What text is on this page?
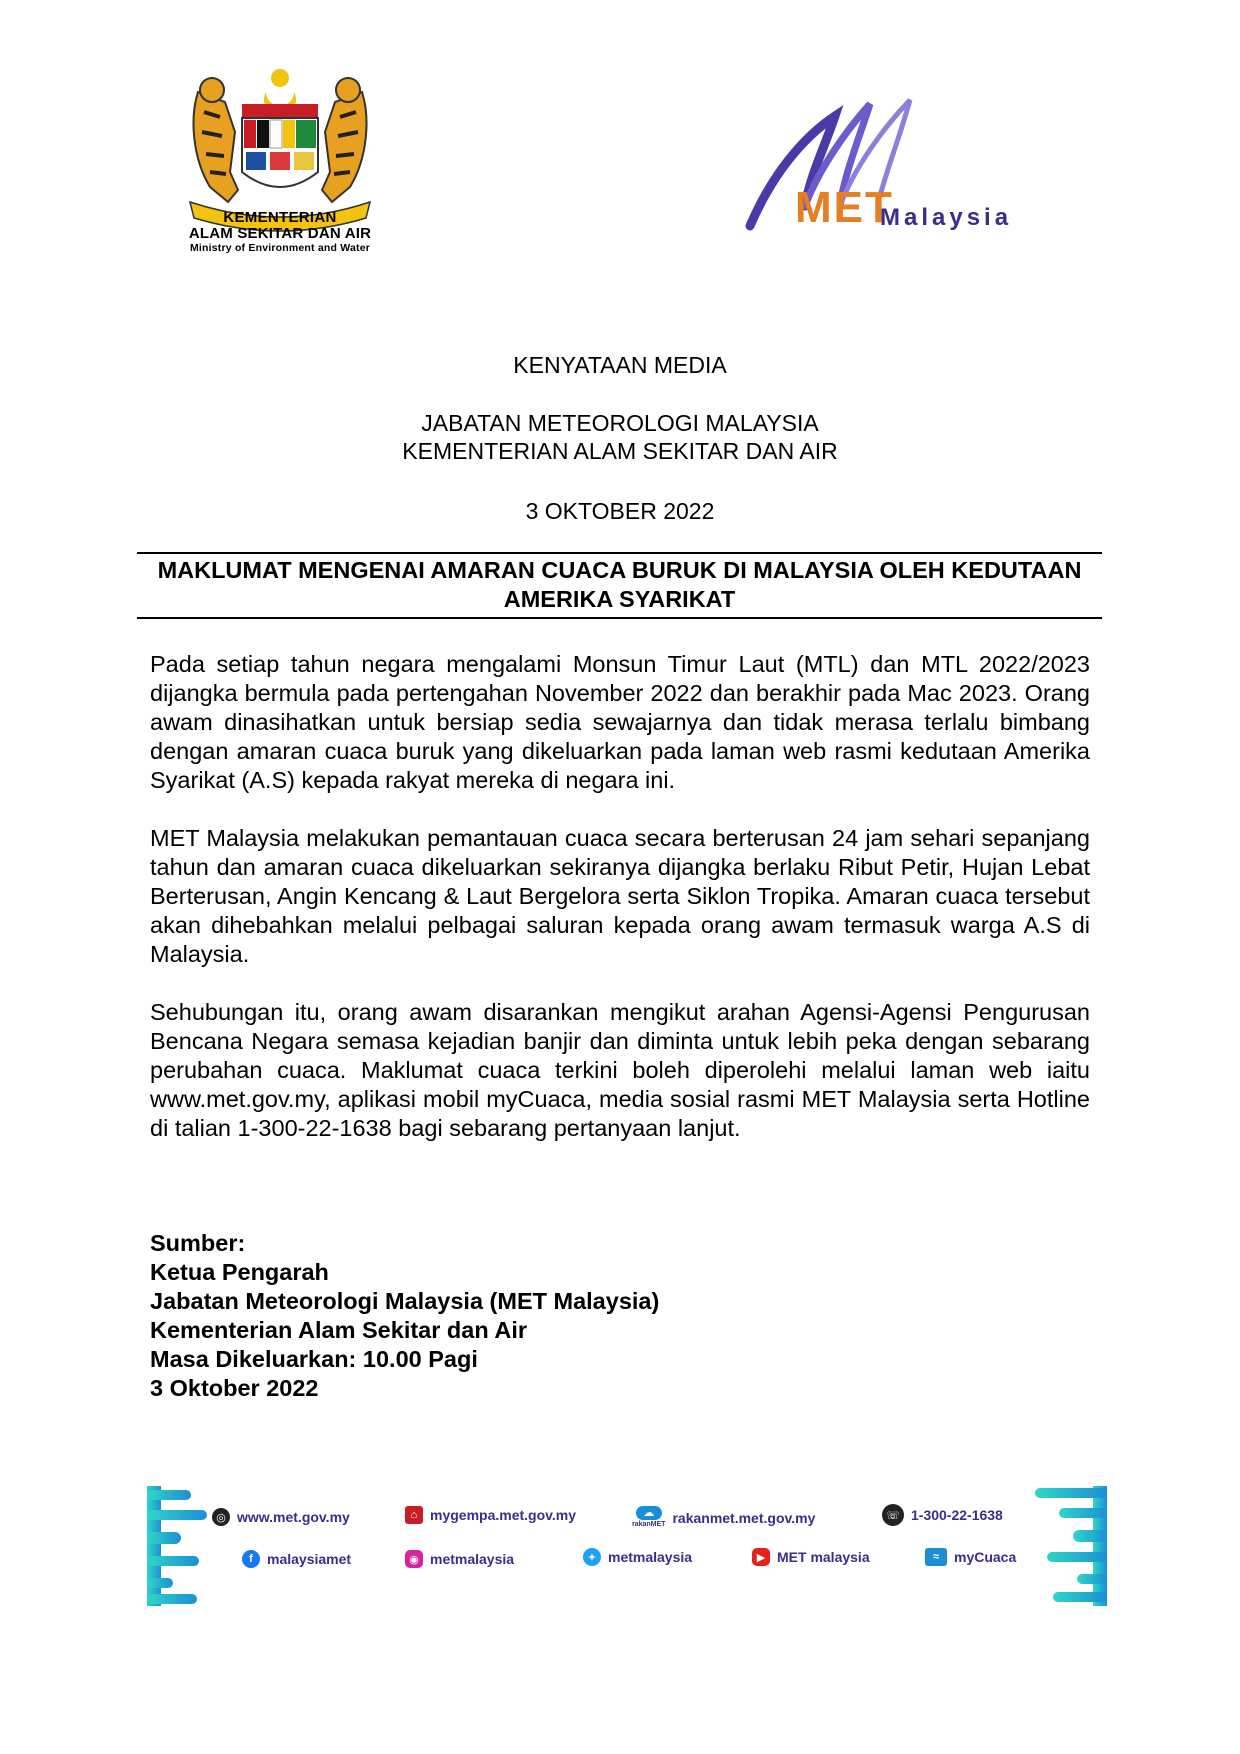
KEMENTERIAN
ALAM SEKITAR DAN AIR
Ministry of Environment and Water
MET
Malaysia
KENYATAAN MEDIA
JABATAN METEOROLOGI MALAYSIA
KEMENTERIAN ALAM SEKITAR DAN AIR
3 OKTOBER 2022
MAKLUMAT MENGENAI AMARAN CUACA BURUK DI MALAYSIA OLEH KEDUTAAN AMERIKA SYARIKAT

Pada setiap tahun negara mengalami Monsun Timur Laut (MTL) dan MTL 2022/2023 dijangka bermula pada pertengahan November 2022 dan berakhir pada Mac 2023. Orang awam dinasihatkan untuk bersiap sedia sewajarnya dan tidak merasa terlalu bimbang dengan amaran cuaca buruk yang dikeluarkan pada laman web rasmi kedutaan Amerika Syarikat (A.S) kepada rakyat mereka di negara ini.

MET Malaysia melakukan pemantauan cuaca secara berterusan 24 jam sehari sepanjang tahun dan amaran cuaca dikeluarkan sekiranya dijangka berlaku Ribut Petir, Hujan Lebat Berterusan, Angin Kencang & Laut Bergelora serta Siklon Tropika. Amaran cuaca tersebut akan dihebahkan melalui pelbagai saluran kepada orang awam termasuk warga A.S di Malaysia.

Sehubungan itu, orang awam disarankan mengikut arahan Agensi-Agensi Pengurusan Bencana Negara semasa kejadian banjir dan diminta untuk lebih peka dengan sebarang perubahan cuaca. Maklumat cuaca terkini boleh diperolehi melalui laman web iaitu www.met.gov.my, aplikasi mobil myCuaca, media sosial rasmi MET Malaysia serta Hotline di talian 1-300-22-1638 bagi sebarang pertanyaan lanjut.

Sumber:
Ketua Pengarah
Jabatan Meteorologi Malaysia (MET Malaysia)
Kementerian Alam Sekitar dan Air
Masa Dikeluarkan: 10.00 Pagi
3 Oktober 2022
◎ www.met.gov.my	⌂ mygempa.met.gov.my	☁
rakanMET rakanmet.met.gov.my	☏ 1-300-22-1638
f	malaysiamet	◉ metmalaysia	✦ metmalaysia	▶ MET malaysia	≈	myCuaca
